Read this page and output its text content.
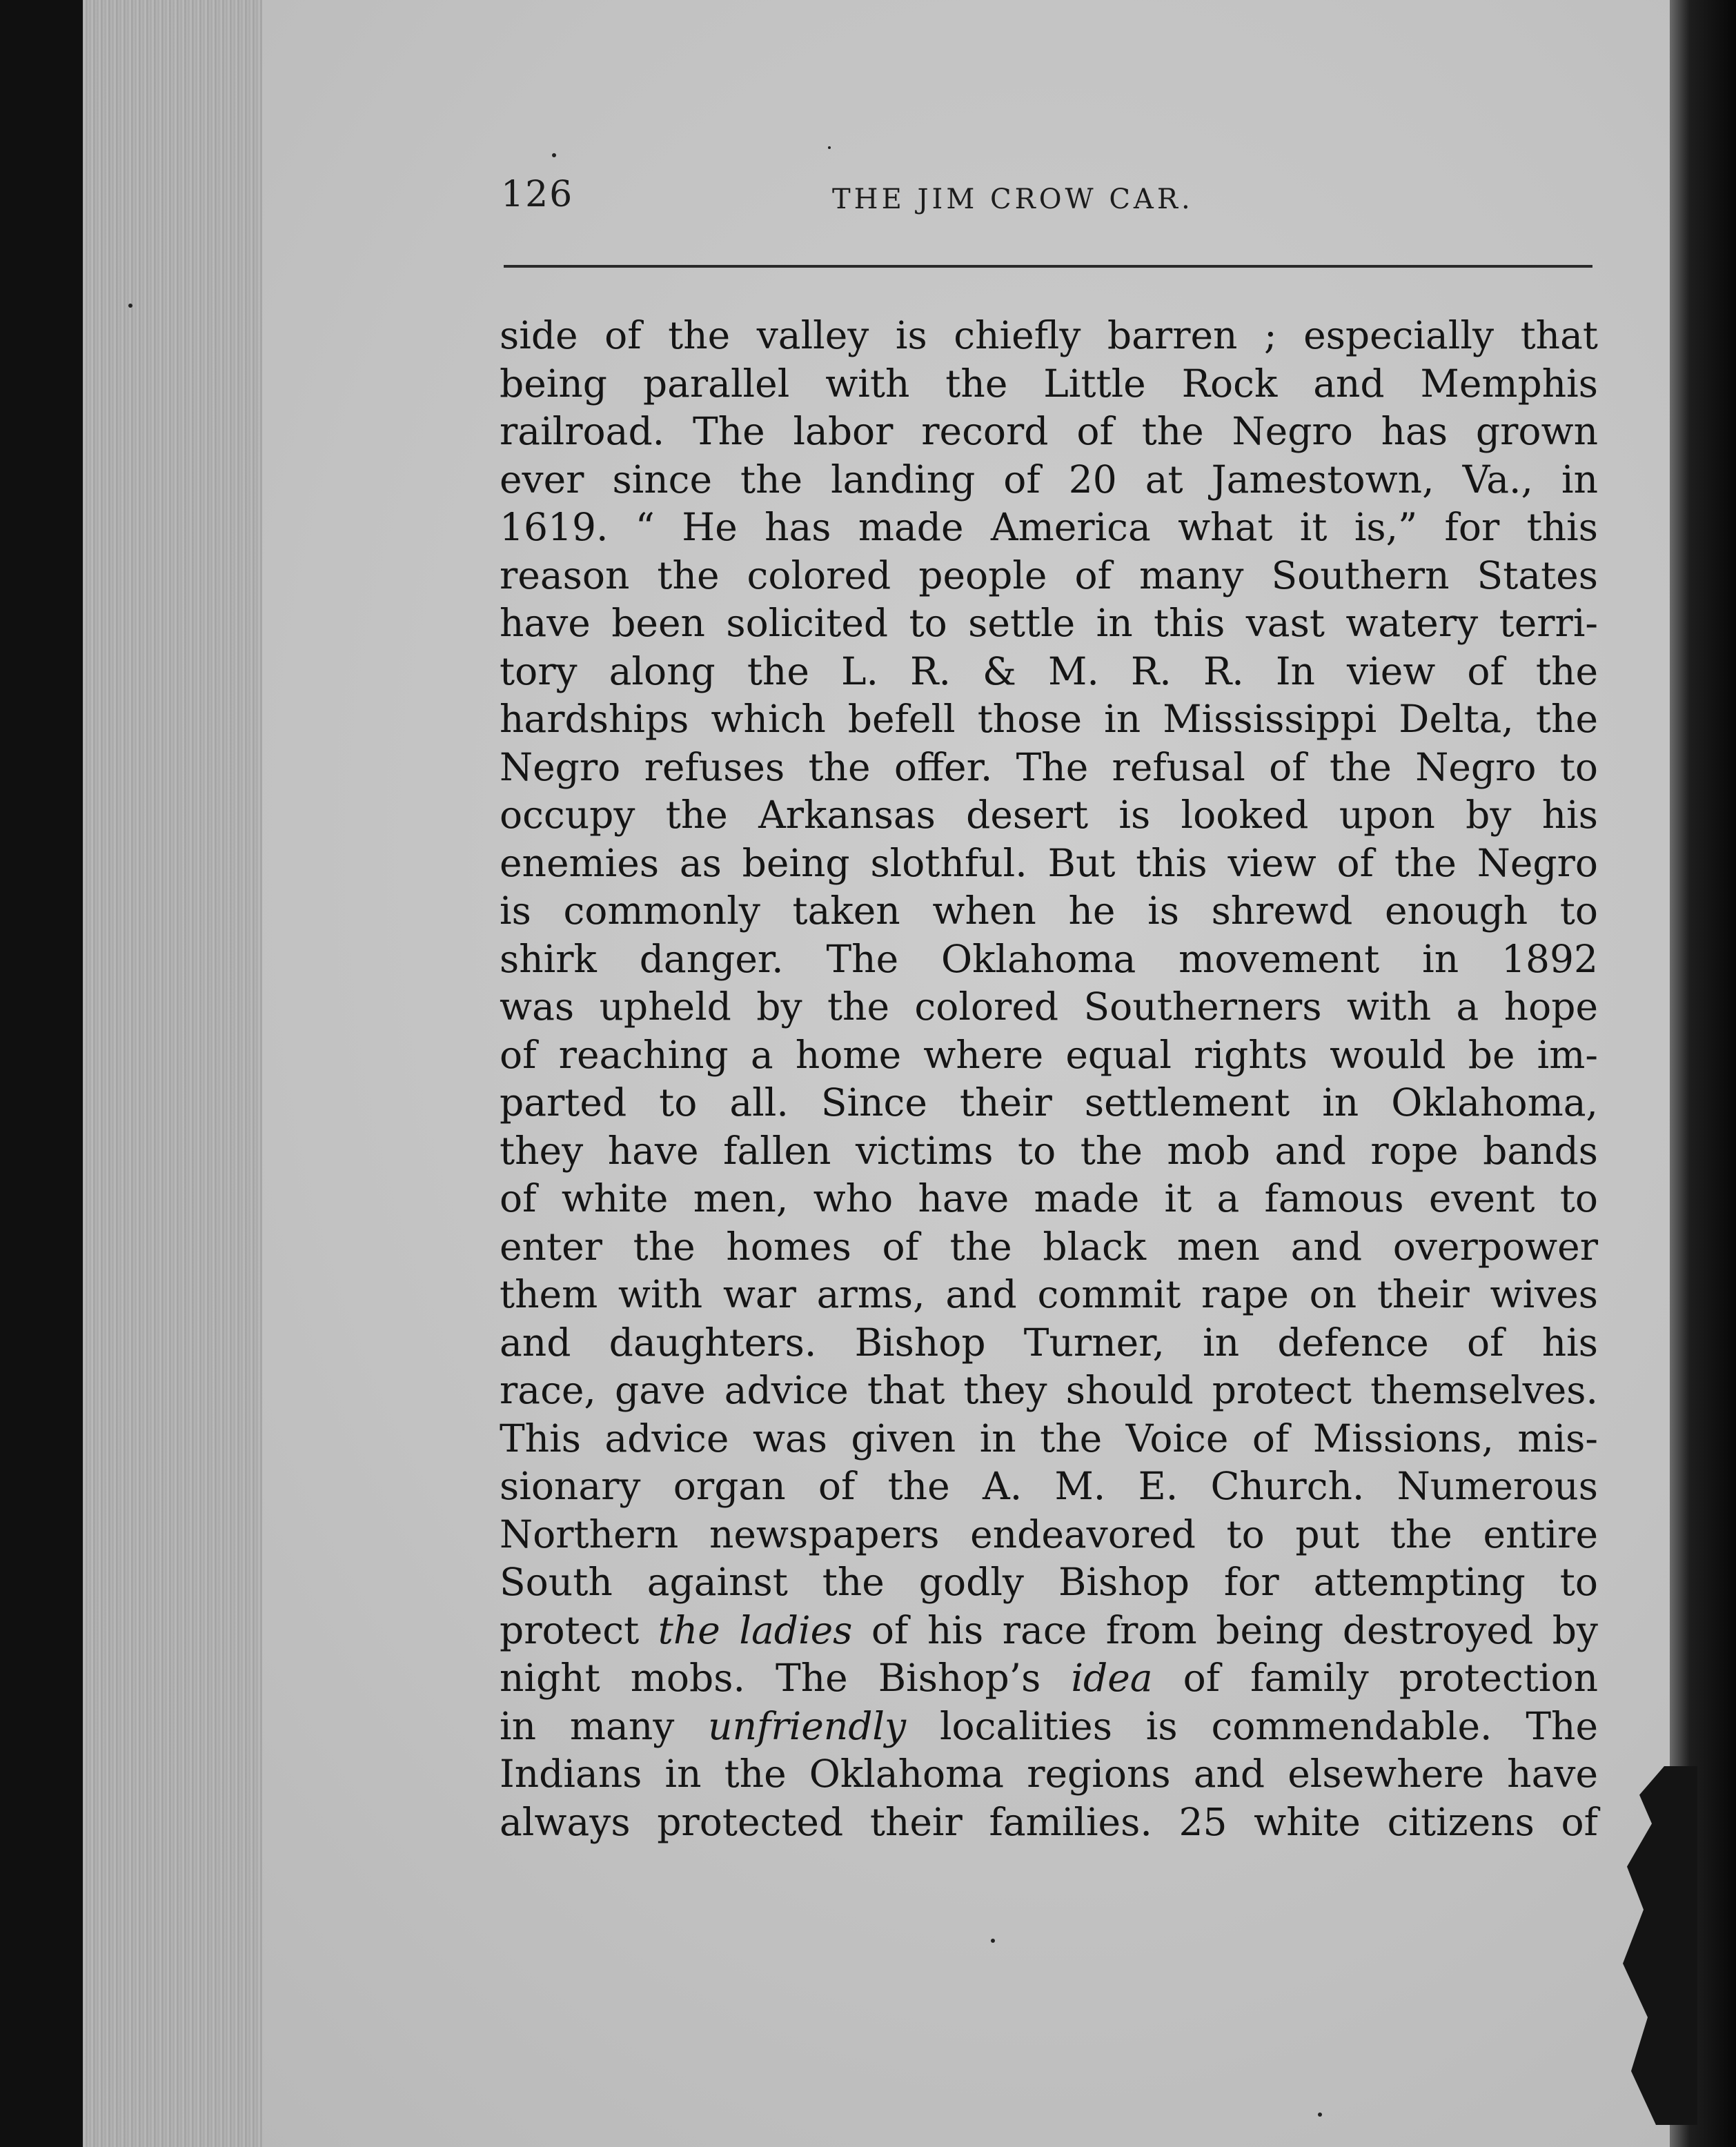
126	THE JIM CROW CAR.
side of the valley is chiefly barren ; especially that
being parallel with the Little Rock and Memphis
railroad. The labor record of the Negro has grown
ever since the landing of 20 at Jamestown, Va., in
1619. “ He has made America what it is,” for this
reason the colored people of many Southern States
have been solicited to settle in this vast watery terri-
tory along the L. R. & M. R. R. In view of the
hardships which befell those in Mississippi Delta, the
Negro refuses the offer. The refusal of the Negro to
occupy the Arkansas desert is looked upon by his
enemies as being slothful. But this view of the Negro
is commonly taken when he is shrewd enough to
shirk danger. The Oklahoma movement in 1892
was upheld by the colored Southerners with a hope
of reaching a home where equal rights would be im-
parted to all. Since their settlement in Oklahoma,
they have fallen victims to the mob and rope bands
of white men, who have made it a famous event to
enter the homes of the black men and overpower
them with war arms, and commit rape on their wives
and daughters. Bishop Turner, in defence of his
race, gave advice that they should protect themselves.
This advice was given in the Voice of Missions, mis-
sionary organ of the A. M. E. Church. Numerous
Northern newspapers endeavored to put the entire
South against the godly Bishop for attempting to
protect the ladies of his race from being destroyed by
night mobs. The Bishop’s idea of family protection
in many unfriendly localities is commendable. The
Indians in the Oklahoma regions and elsewhere have
always protected their families. 25 white citizens of
